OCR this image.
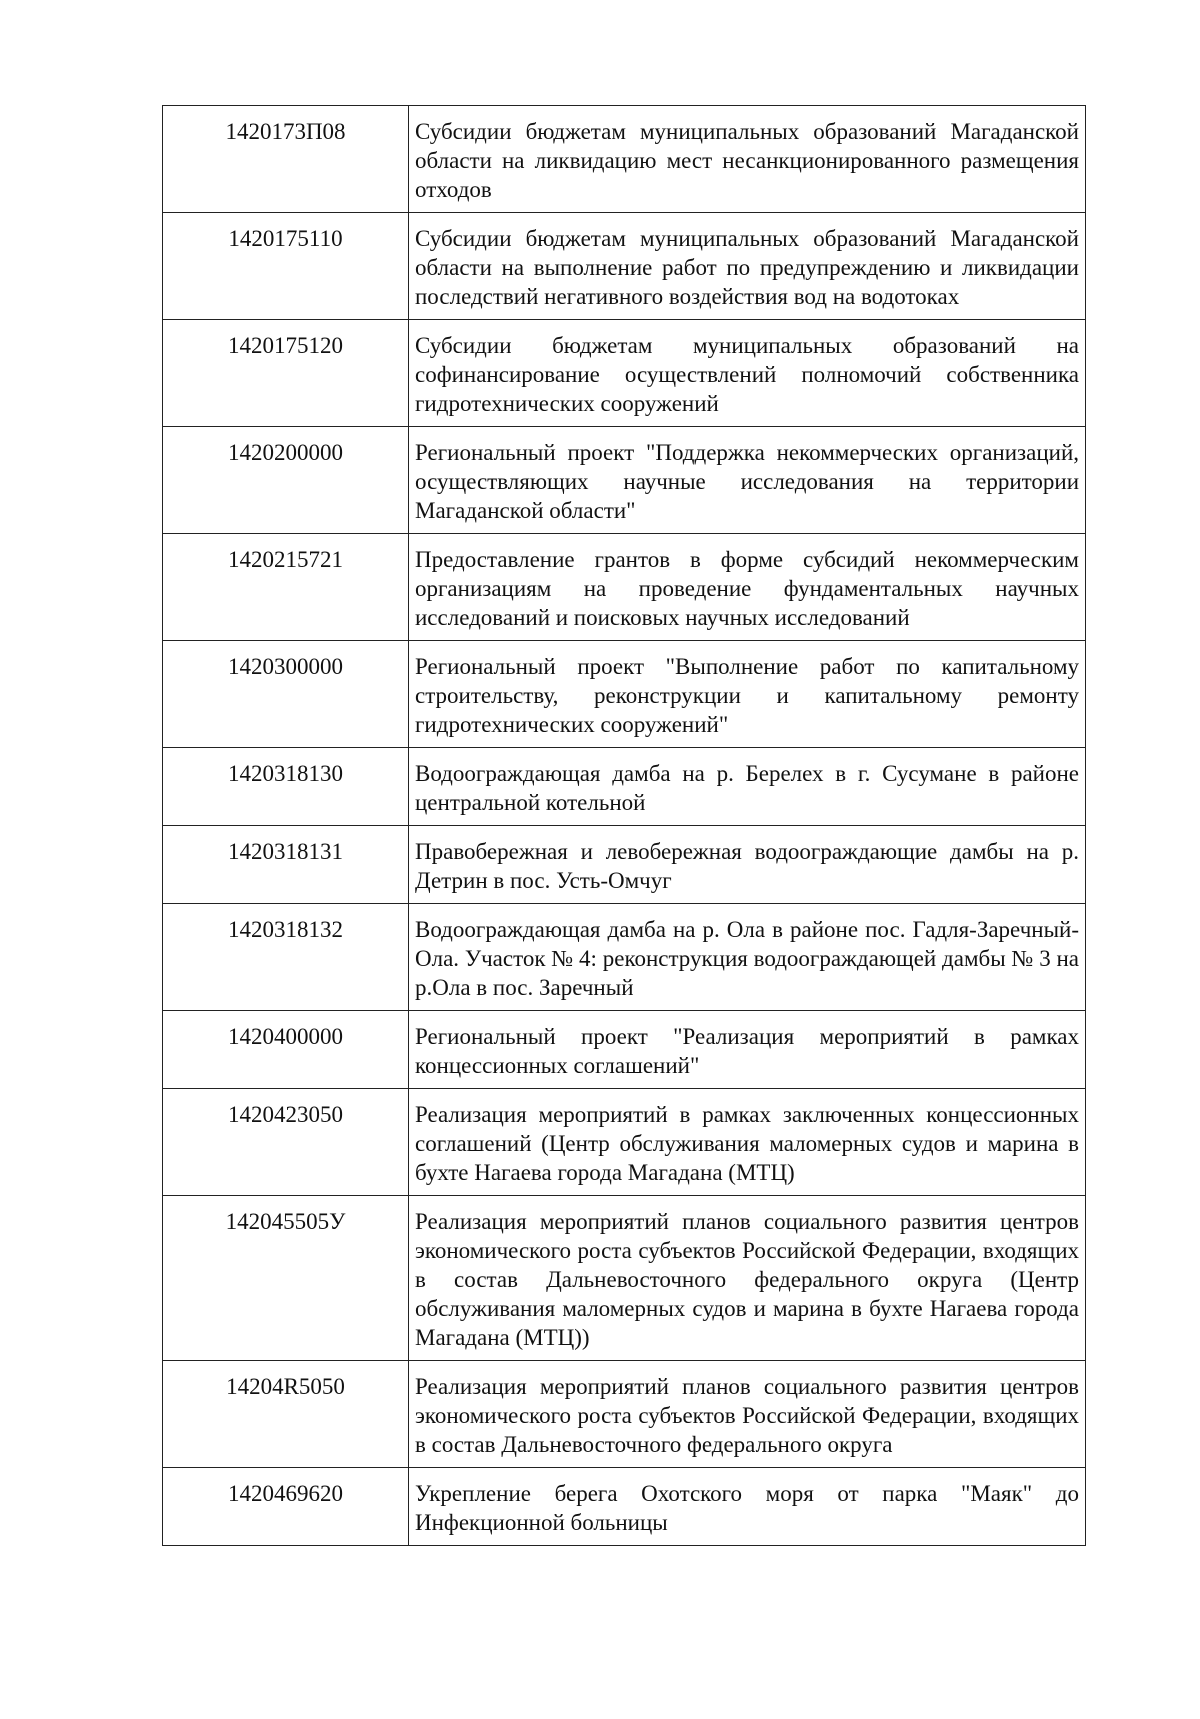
1420173П08	Субсидии бюджетам муниципальных образований Магаданской области на ликвидацию мест несанкционированного размещения отходов
1420175110	Субсидии бюджетам муниципальных образований Магаданской области на выполнение работ по предупреждению и ликвидации последствий негативного воздействия вод на водотоках
1420175120	Субсидии бюджетам муниципальных образований на софинансирование осуществлений полномочий собственника гидротехнических сооружений
1420200000	Региональный проект "Поддержка некоммерческих организаций, осуществляющих научные исследования на территории Магаданской области"
1420215721	Предоставление грантов в форме субсидий некоммерческим организациям на проведение фундаментальных научных исследований и поисковых научных исследований
1420300000	Региональный проект "Выполнение работ по капитальному строительству, реконструкции и капитальному ремонту гидротехнических сооружений"
1420318130	Водоограждающая дамба на р. Берелех в г. Сусумане в районе центральной котельной
1420318131	Правобережная и левобережная водоограждающие дамбы на р. Детрин в пос. Усть-Омчуг
1420318132	Водоограждающая дамба на р. Ола в районе пос. Гадля-Заречный-Ола. Участок № 4: реконструкция водоограждающей дамбы № 3 на р.Ола в пос. Заречный
1420400000	Региональный проект "Реализация мероприятий в рамках концессионных соглашений"
1420423050	Реализация мероприятий в рамках заключенных концессионных соглашений (Центр обслуживания маломерных судов и марина в бухте Нагаева города Магадана (МТЦ)
142045505У	Реализация мероприятий планов социального развития центров экономического роста субъектов Российской Федерации, входящих в состав Дальневосточного федерального округа (Центр обслуживания маломерных судов и марина в бухте Нагаева города Магадана (МТЦ))
14204R5050	Реализация мероприятий планов социального развития центров экономического роста субъектов Российской Федерации, входящих в состав Дальневосточного федерального округа
1420469620	Укрепление берега Охотского моря от парка "Маяк" до Инфекционной больницы
